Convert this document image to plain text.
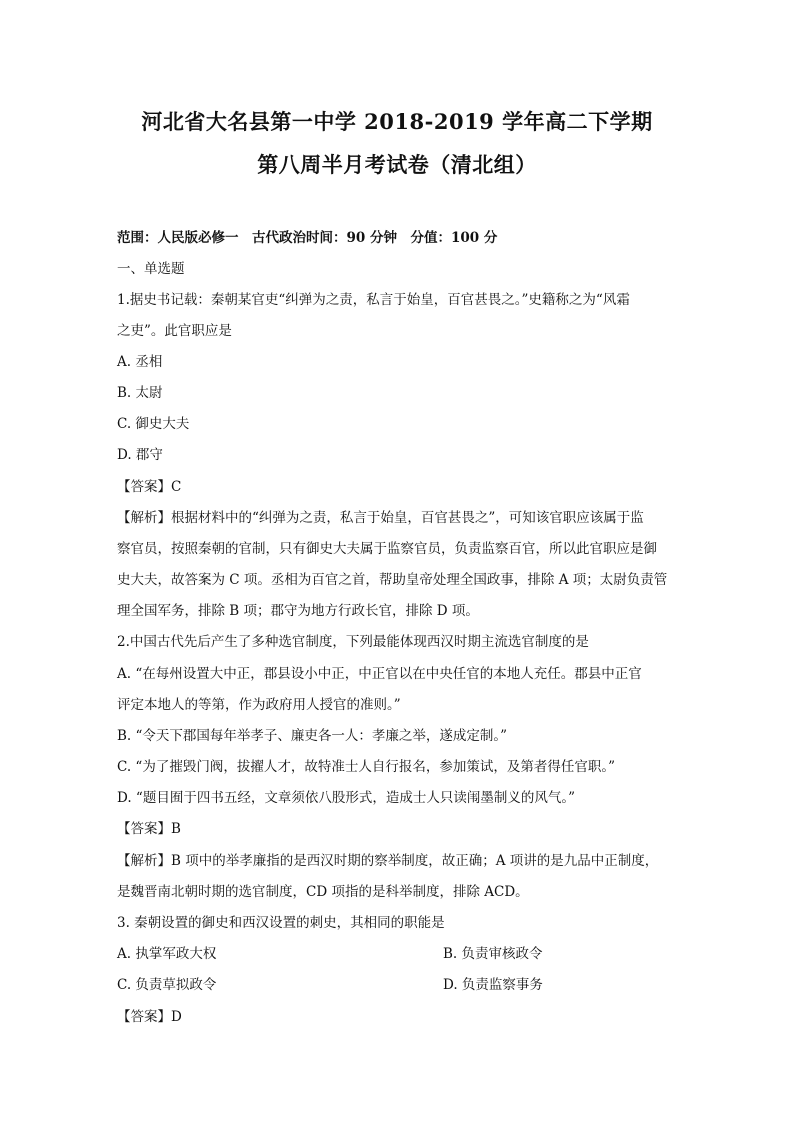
河北省大名县第一中学 2018-2019 学年高二下学期
第八周半月考试卷（清北组）
范围：人民版必修一　古代政治时间：90 分钟　分值：100 分
一、单选题
1.据史书记载：秦朝某官吏“纠弹为之责，私言于始皇，百官甚畏之。”史籍称之为“风霜
之吏”。此官职应是
A. 丞相
B. 太尉
C. 御史大夫
D. 郡守
【答案】C
【解析】根据材料中的“纠弹为之责，私言于始皇，百官甚畏之”，可知该官职应该属于监
察官员，按照秦朝的官制，只有御史大夫属于监察官员，负责监察百官，所以此官职应是御
史大夫，故答案为 C 项。丞相为百官之首，帮助皇帝处理全国政事，排除 A 项；太尉负责管
理全国军务，排除 B 项；郡守为地方行政长官，排除 D 项。
2.中国古代先后产生了多种选官制度，下列最能体现西汉时期主流选官制度的是
A. “在每州设置大中正，郡县设小中正，中正官以在中央任官的本地人充任。郡县中正官
评定本地人的等第，作为政府用人授官的准则。”
B. “令天下郡国每年举孝子、廉吏各一人：孝廉之举，遂成定制。”
C. “为了摧毁门阀，拔擢人才，故特准士人自行报名，参加策试，及第者得任官职。”
D. “题目囿于四书五经，文章须依八股形式，造成士人只读闱墨制义的风气。”
【答案】B
【解析】B 项中的举孝廉指的是西汉时期的察举制度，故正确；A 项讲的是九品中正制度，
是魏晋南北朝时期的选官制度，CD 项指的是科举制度，排除 ACD。
3. 秦朝设置的御史和西汉设置的刺史，其相同的职能是
A. 执掌军政大权	B. 负责审核政令
C. 负责草拟政令	D. 负责监察事务
【答案】D
